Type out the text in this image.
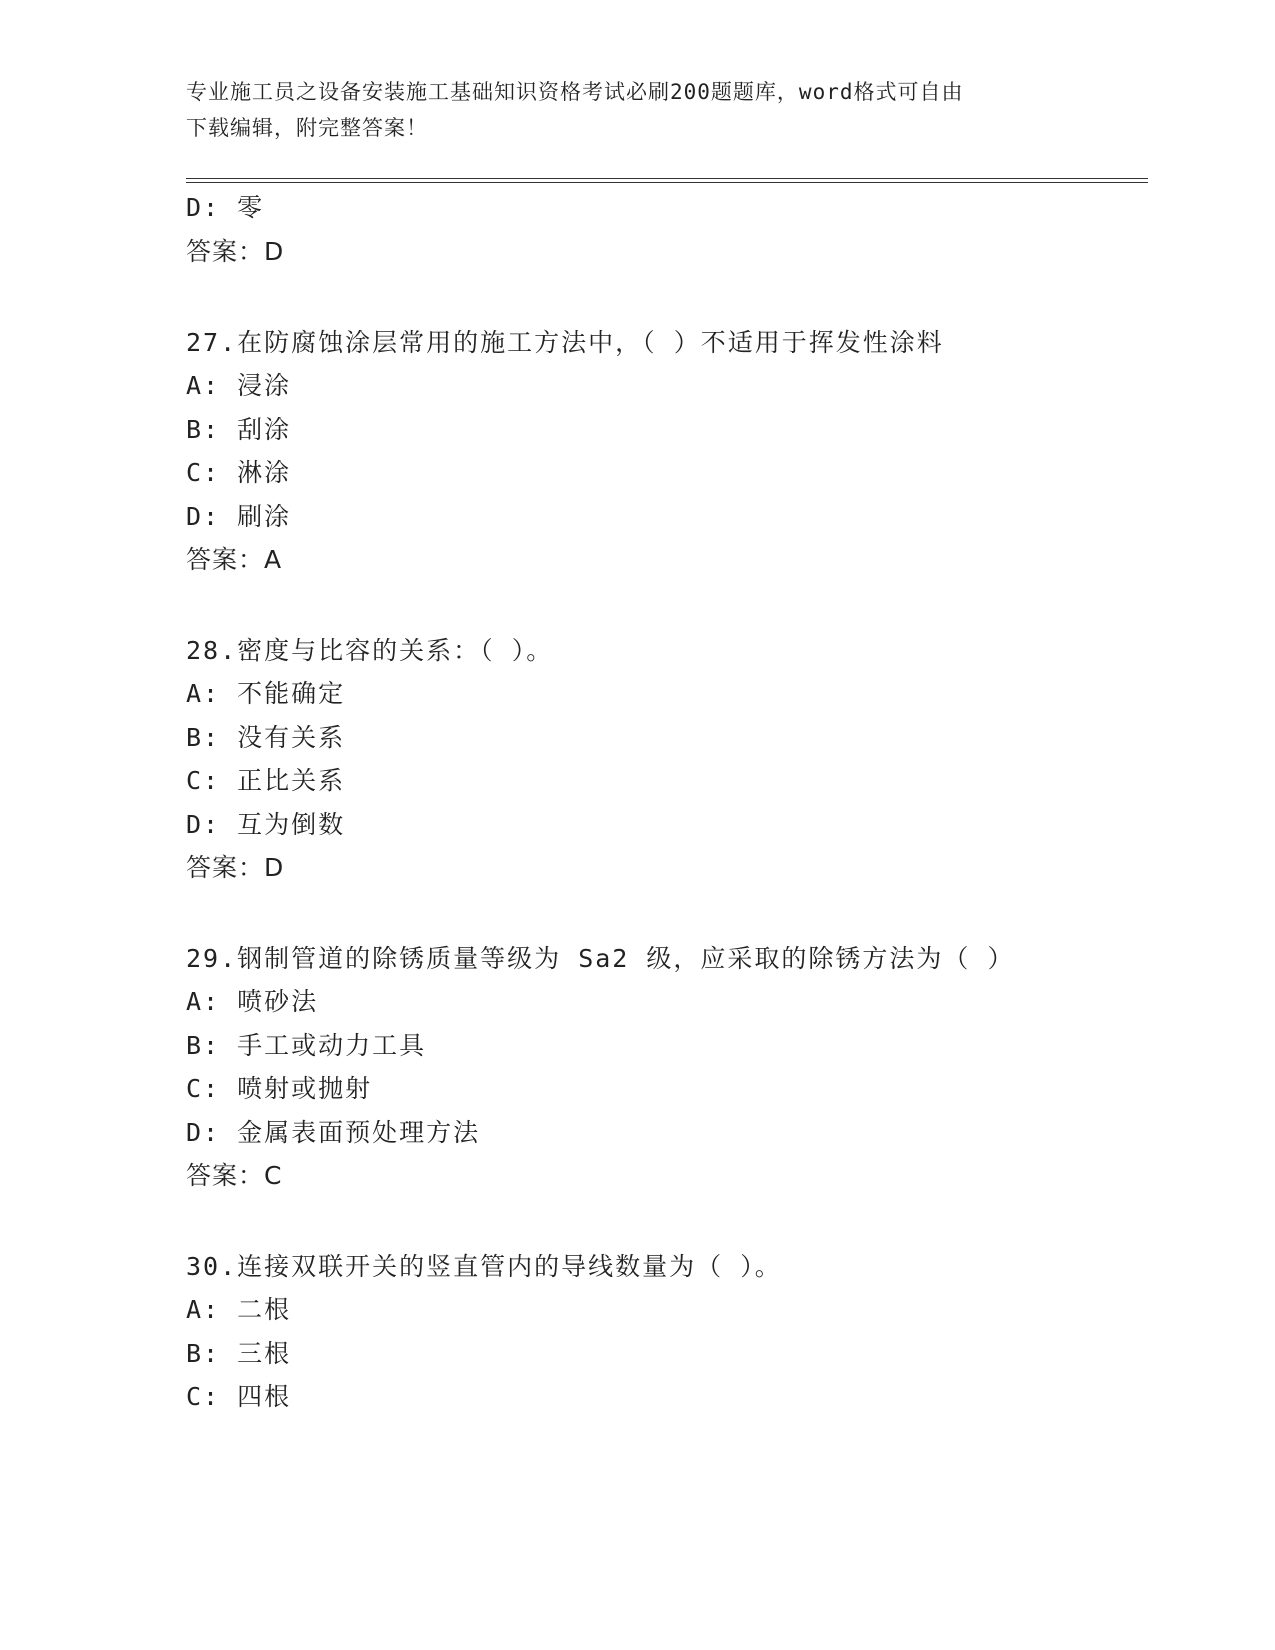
专业施工员之设备安装施工基础知识资格考试必刷200题题库，word格式可自由
下载编辑，附完整答案！
D: 零
答案：D
27.在防腐蚀涂层常用的施工方法中，（ ）不适用于挥发性涂料
A: 浸涂
B: 刮涂
C: 淋涂
D: 刷涂
答案：A
28.密度与比容的关系：（ ）。
A: 不能确定
B: 没有关系
C: 正比关系
D: 互为倒数
答案：D
29.钢制管道的除锈质量等级为 Sa2 级，应采取的除锈方法为（ ）
A: 喷砂法
B: 手工或动力工具
C: 喷射或抛射
D: 金属表面预处理方法
答案：C
30.连接双联开关的竖直管内的导线数量为（ ）。
A: 二根
B: 三根
C: 四根
